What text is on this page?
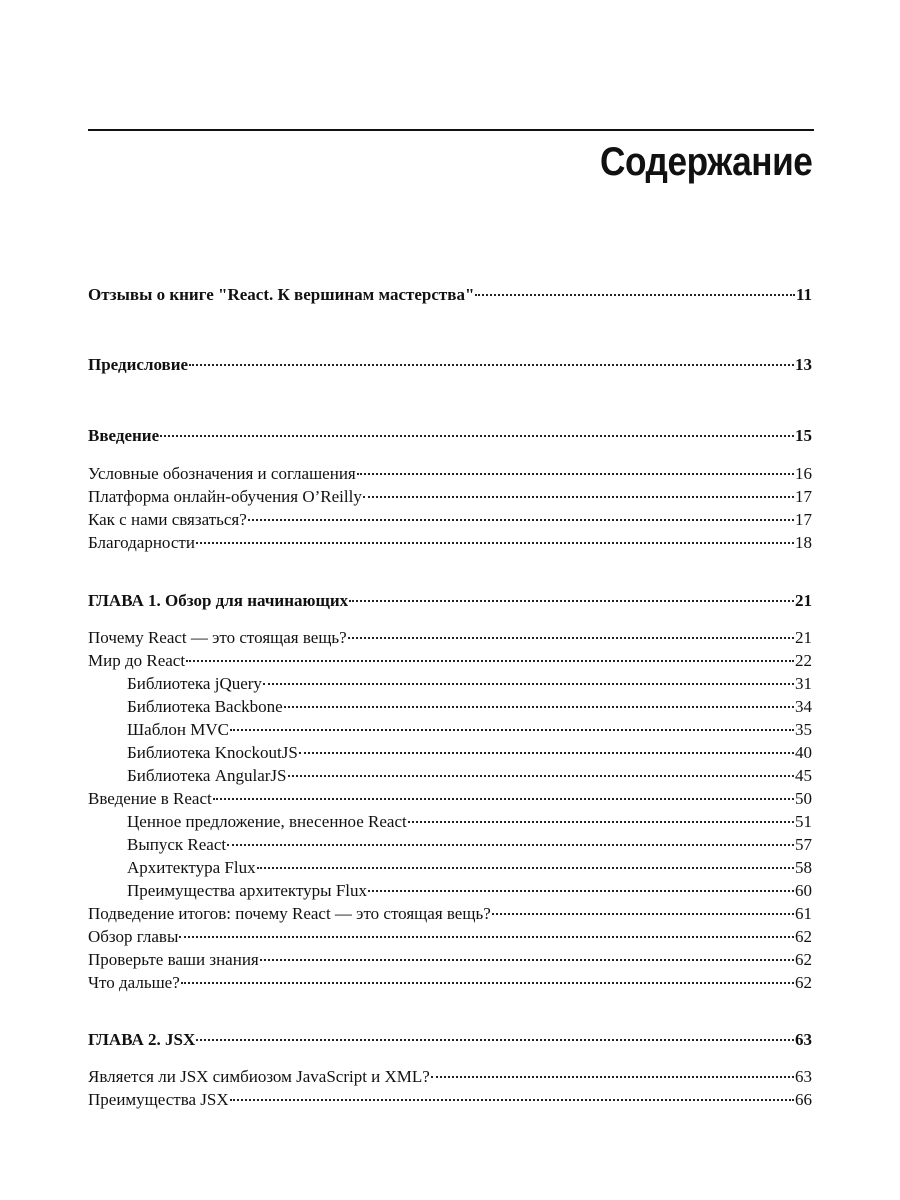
Содержание
Отзывы о книге "React. К вершинам мастерства"	11
Предисловие	13
Введение	15
Условные обозначения и соглашения	16
Платформа онлайн-обучения O’Reilly	17
Как с нами связаться?	17
Благодарности	18
ГЛАВА 1. Обзор для начинающих	21
Почему React — это стоящая вещь?	21
Мир до React	22
Библиотека jQuery	31
Библиотека Backbone	34
Шаблон MVC	35
Библиотека KnockoutJS	40
Библиотека AngularJS	45
Введение в React	50
Ценное предложение, внесенное React	51
Выпуск React	57
Архитектура Flux	58
Преимущества архитектуры Flux	60
Подведение итогов: почему React — это стоящая вещь?	61
Обзор главы	62
Проверьте ваши знания	62
Что дальше?	62
ГЛАВА 2. JSX	63
Является ли JSX симбиозом JavaScript и XML?	63
Преимущества JSX	66
